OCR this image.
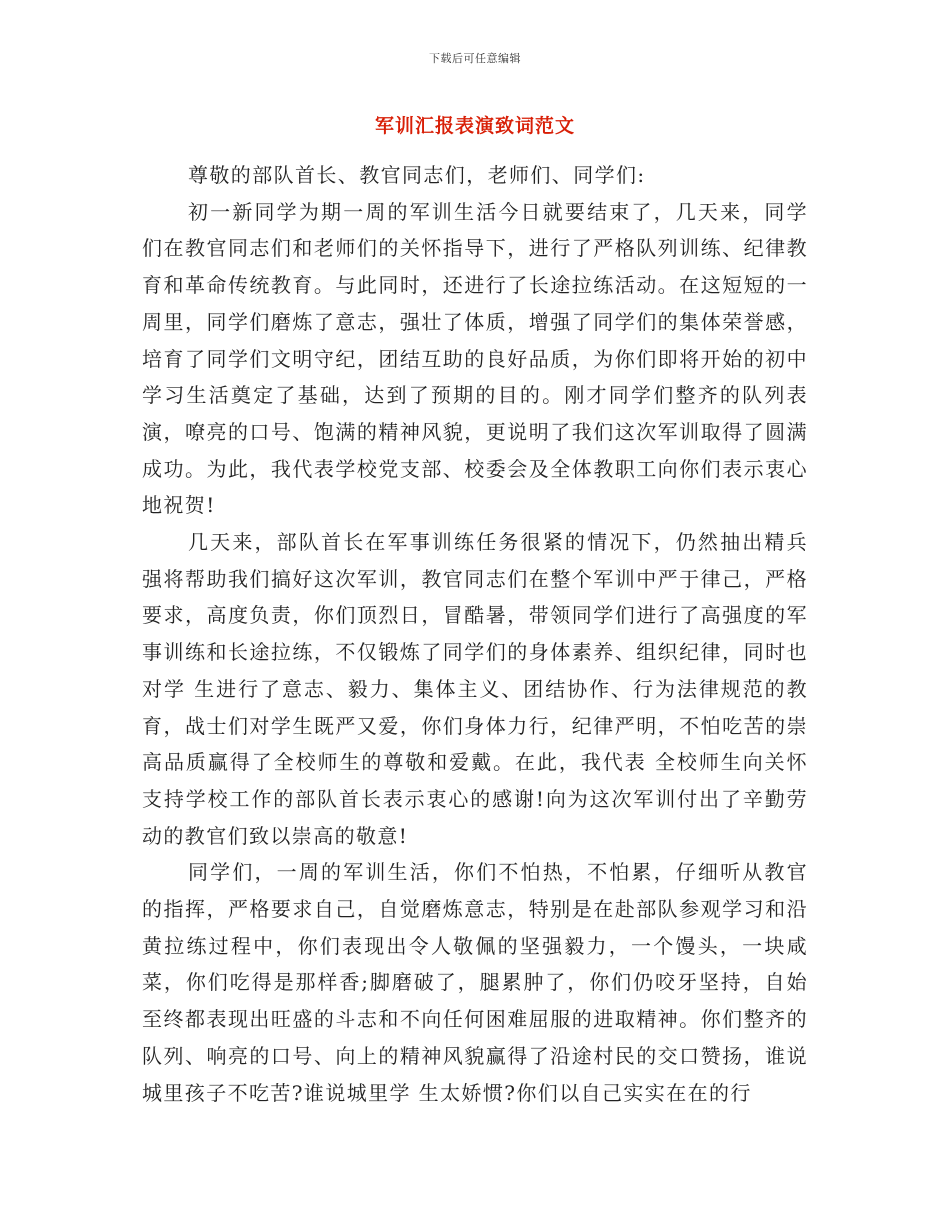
下载后可任意编辑
军训汇报表演致词范文

尊敬的部队首长、教官同志们，老师们、同学们:

初一新同学为期一周的军训生活今日就要结束了，几天来，同学们在教官同志们和老师们的关怀指导下，进行了严格队列训练、纪律教育和革命传统教育。与此同时，还进行了长途拉练活动。在这短短的一周里，同学们磨炼了意志，强壮了体质，增强了同学们的集体荣誉感，培育了同学们文明守纪，团结互助的良好品质，为你们即将开始的初中学习生活奠定了基础，达到了预期的目的。刚才同学们整齐的队列表演，嘹亮的口号、饱满的精神风貌，更说明了我们这次军训取得了圆满成功。为此，我代表学校党支部、校委会及全体教职工向你们表示衷心地祝贺!

几天来，部队首长在军事训练任务很紧的情况下，仍然抽出精兵强将帮助我们搞好这次军训，教官同志们在整个军训中严于律己，严格要求，高度负责，你们顶烈日，冒酷暑，带领同学们进行了高强度的军事训练和长途拉练，不仅锻炼了同学们的身体素养、组织纪律，同时也对学 生进行了意志、毅力、集体主义、团结协作、行为法律规范的教育，战士们对学生既严又爱，你们身体力行，纪律严明，不怕吃苦的崇高品质赢得了全校师生的尊敬和爱戴。在此，我代表 全校师生向关怀支持学校工作的部队首长表示衷心的感谢!向为这次军训付出了辛勤劳动的教官们致以崇高的敬意!

同学们，一周的军训生活，你们不怕热，不怕累，仔细听从教官的指挥，严格要求自己，自觉磨炼意志，特别是在赴部队参观学习和沿黄拉练过程中，你们表现出令人敬佩的坚强毅力，一个馒头，一块咸菜，你们吃得是那样香;脚磨破了，腿累肿了，你们仍咬牙坚持，自始至终都表现出旺盛的斗志和不向任何困难屈服的进取精神。你们整齐的队列、响亮的口号、向上的精神风貌赢得了沿途村民的交口赞扬，谁说城里孩子不吃苦?谁说城里学 生太娇惯?你们以自己实实在在的行
